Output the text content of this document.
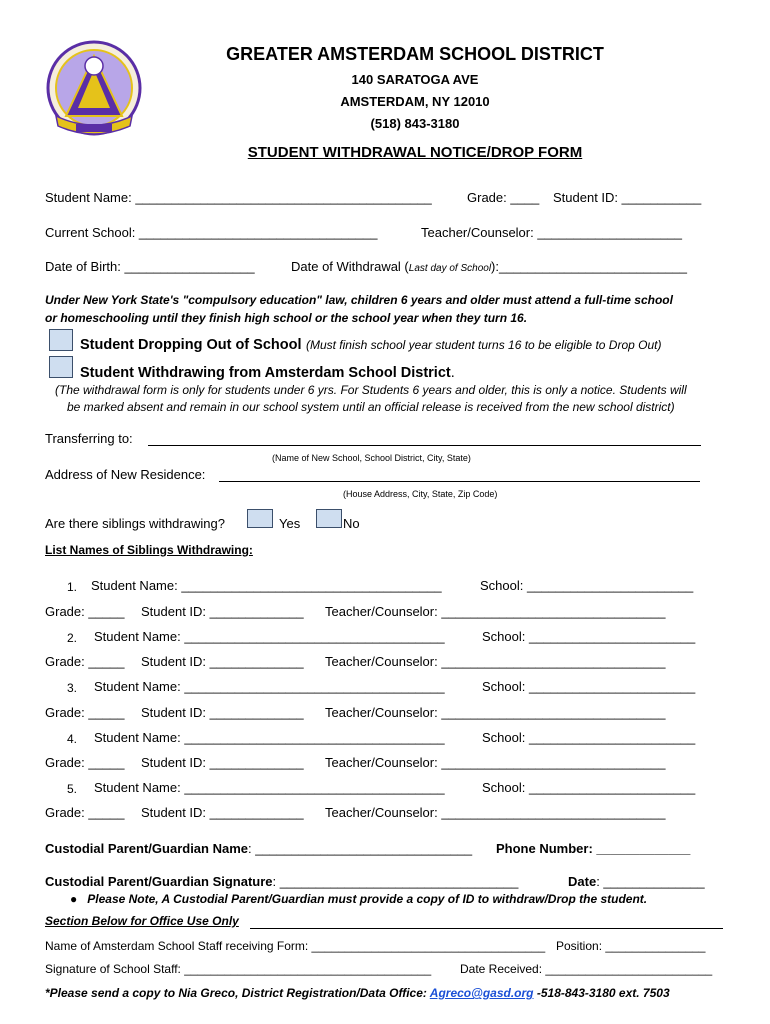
GREATER AMSTERDAM SCHOOL DISTRICT
140 SARATOGA AVE
AMSTERDAM, NY 12010
(518) 843-3180
STUDENT WITHDRAWAL NOTICE/DROP FORM
Student Name: _________________________________________	Grade: ____ Student ID: ___________
Current School: _________________________________	Teacher/Counselor: ____________________
Date of Birth: __________________	Date of Withdrawal (Last day of School):__________________________
Under New York State's "compulsory education" law, children 6 years and older must attend a full-time school
or homeschooling until they finish high school or the school year when they turn 16.
Student Dropping Out of School (Must finish school year student turns 16 to be eligible to Drop Out)
Student Withdrawing from Amsterdam School District.
(The withdrawal form is only for students under 6 yrs. For Students 6 years and older, this is only a notice. Students will
be marked absent and remain in our school system until an official release is received from the new school district)
Transferring to:
(Name of New School, School District, City, State)
Address of New Residence:
(House Address, City, State, Zip Code)
Are there siblings withdrawing?	Yes	No
List Names of Siblings Withdrawing:
1. Student Name: ____________________________________	School: _______________________
Grade: _____ Student ID: _____________ Teacher/Counselor: _______________________________
2. Student Name: ____________________________________	School: _______________________
Grade: _____ Student ID: _____________ Teacher/Counselor: _______________________________
3. Student Name: ____________________________________	School: _______________________
Grade: _____ Student ID: _____________ Teacher/Counselor: _______________________________
4. Student Name: ____________________________________	School: _______________________
Grade: _____ Student ID: _____________ Teacher/Counselor: _______________________________
5. Student Name: ____________________________________	School: _______________________
Grade: _____ Student ID: _____________ Teacher/Counselor: _______________________________
Custodial Parent/Guardian Name: ______________________________ Phone Number: _____________
Custodial Parent/Guardian Signature: _________________________________	Date: ______________
● Please Note, A Custodial Parent/Guardian must provide a copy of ID to withdraw/Drop the student.
Section Below for Office Use Only
Name of Amsterdam School Staff receiving Form: ___________________________________ Position: _______________
Signature of School Staff: _____________________________________ Date Received: _________________________
*Please send a copy to Nia Greco, District Registration/Data Office: Agreco@gasd.org -518-843-3180 ext. 7503
